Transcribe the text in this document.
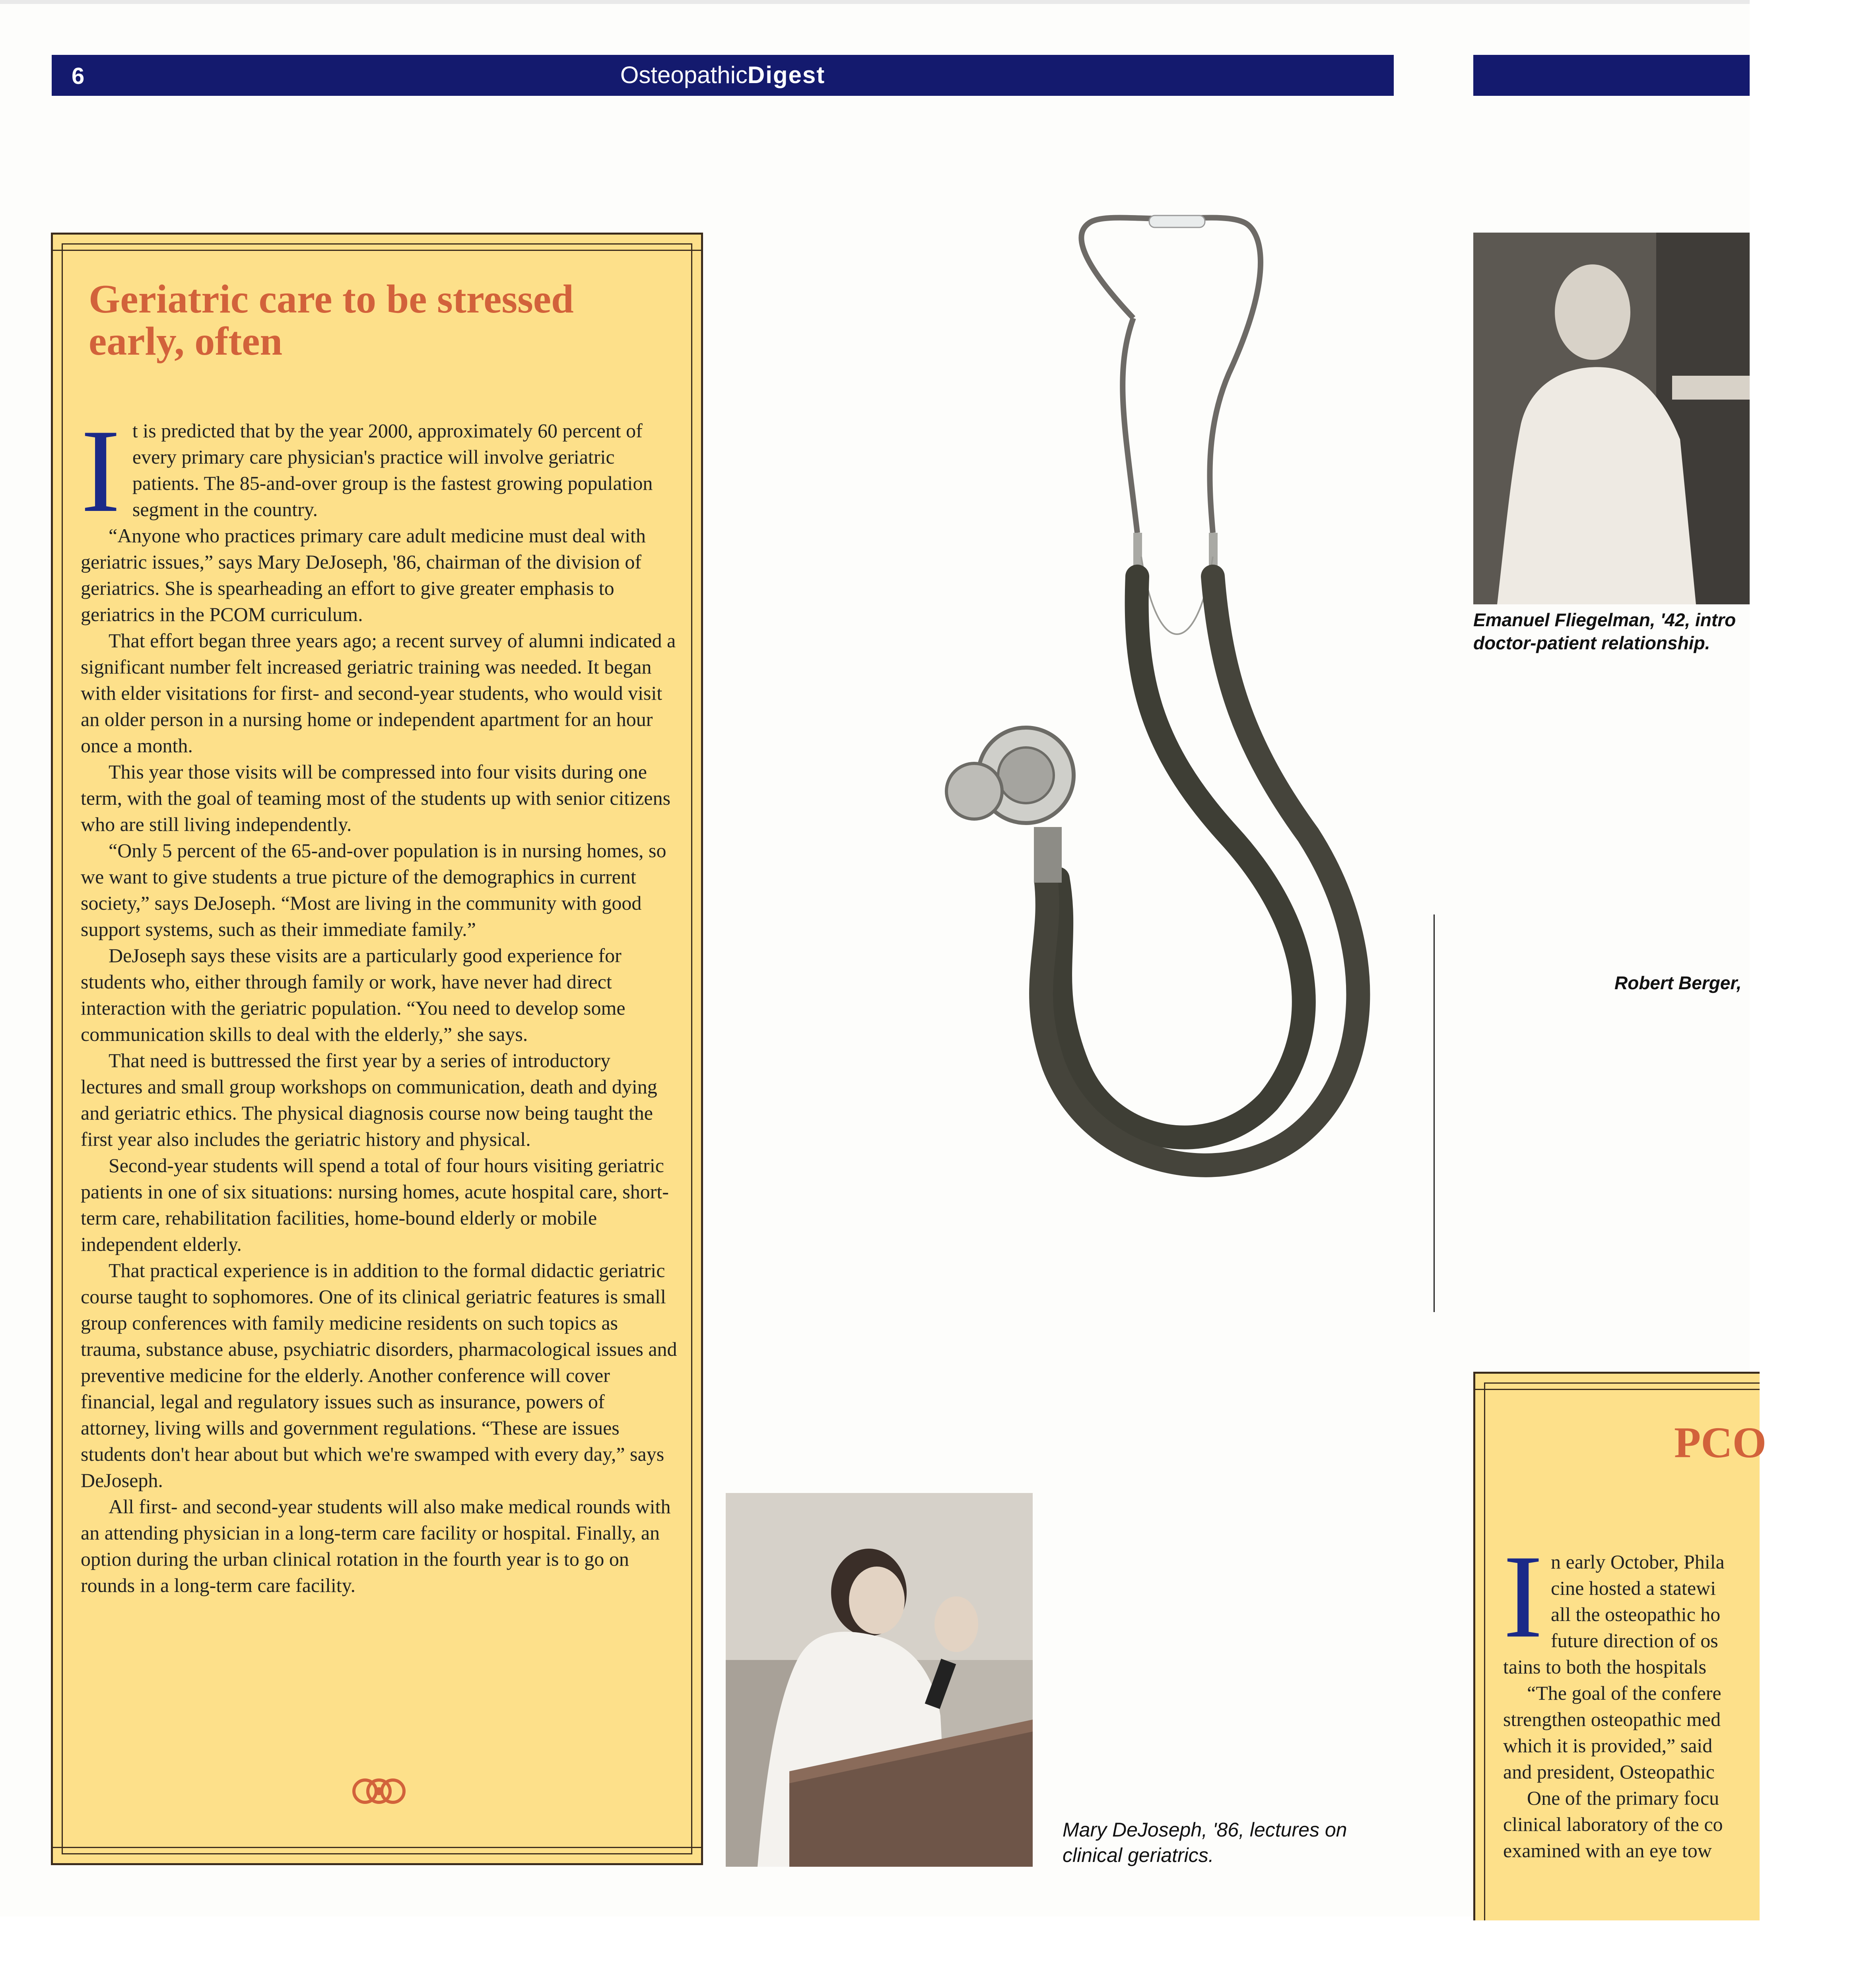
6	OsteopathicDigest
Geriatric care to be stressed early, often

It is predicted that by the year 2000, approximately 60 percent of every primary care physician's practice will involve geriatric patients. The 85-and-over group is the fastest growing population segment in the country.

“Anyone who practices primary care adult medicine must deal with geriatric issues,” says Mary DeJoseph, '86, chairman of the division of geriatrics. She is spearheading an effort to give greater emphasis to geriatrics in the PCOM curriculum.

That effort began three years ago; a recent survey of alumni indicated a significant number felt increased geriatric training was needed. It began with elder visitations for first- and second-year students, who would visit an older person in a nursing home or independent apartment for an hour once a month.

This year those visits will be compressed into four visits during one term, with the goal of teaming most of the students up with senior citizens who are still living independently.

“Only 5 percent of the 65-and-over population is in nursing homes, so we want to give students a true picture of the demographics in current society,” says DeJoseph. “Most are living in the community with good support systems, such as their immediate family.”

DeJoseph says these visits are a particularly good experience for students who, either through family or work, have never had direct interaction with the geriatric population. “You need to develop some communication skills to deal with the elderly,” she says.

That need is buttressed the first year by a series of introductory lectures and small group workshops on communication, death and dying and geriatric ethics. The physical diagnosis course now being taught the first year also includes the geriatric history and physical.

Second-year students will spend a total of four hours visiting geriatric patients in one of six situations: nursing homes, acute hospital care, short-term care, rehabilitation facilities, home-bound elderly or mobile independent elderly.

That practical experience is in addition to the formal didactic geriatric course taught to sophomores. One of its clinical geriatric features is small group conferences with family medicine residents on such topics as trauma, substance abuse, psychiatric disorders, pharmacological issues and preventive medicine for the elderly. Another conference will cover financial, legal and regulatory issues such as insurance, powers of attorney, living wills and government regulations. “These are issues students don't hear about but which we're swamped with every day,” says DeJoseph.

All first- and second-year students will also make medical rounds with an attending physician in a long-term care facility or hospital. Finally, an option during the urban clinical rotation in the fourth year is to go on rounds in a long-term care facility.

Mary DeJoseph, '86, lectures on clinical geriatrics.
Emanuel Fliegelman, '42, intro
doctor-patient relationship.
Robert Berger,
PCO
I n early October, Phila

cine hosted a statewi

all the osteopathic ho

future direction of os

tains to both the hospitals

“The goal of the confere

strengthen osteopathic med

which it is provided,” said

and president, Osteopathic

One of the primary focu

clinical laboratory of the co

examined with an eye tow
